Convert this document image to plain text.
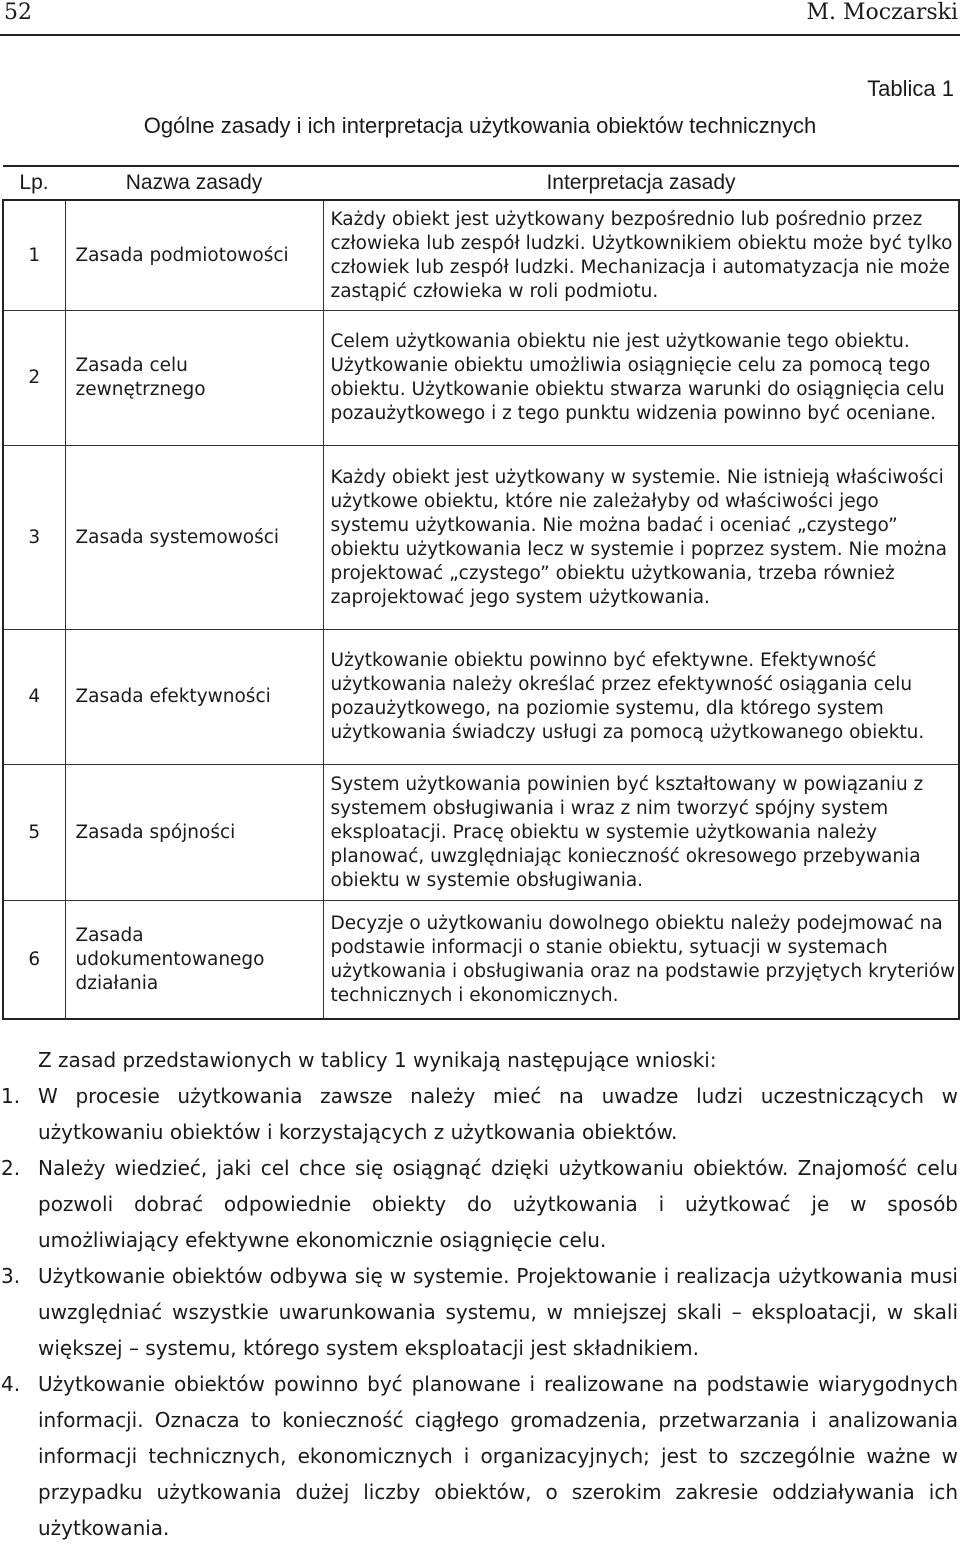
52	M. Moczarski
Tablica 1
Ogólne zasady i ich interpretacja użytkowania obiektów technicznych
Lp.	Nazwa zasady	Interpretacja zasady
1	Zasada podmiotowości	Każdy obiekt jest użytkowany bezpośrednio lub pośrednio przez człowieka lub zespół ludzki. Użytkownikiem obiektu może być tylko człowiek lub zespół ludzki. Mechanizacja i automatyzacja nie może zastąpić człowieka w roli podmiotu.
2	Zasada celu zewnętrznego	Celem użytkowania obiektu nie jest użytkowanie tego obiektu. Użytkowanie obiektu umożliwia osiągnięcie celu za pomocą tego obiektu. Użytkowanie obiektu stwarza warunki do osiągnięcia celu pozaużytkowego i z tego punktu widzenia powinno być oceniane.
3	Zasada systemowości	Każdy obiekt jest użytkowany w systemie. Nie istnieją właściwości użytkowe obiektu, które nie zależałyby od właściwości jego systemu użytkowania. Nie można badać i oceniać „czystego” obiektu użytkowania lecz w systemie i poprzez system. Nie można projektować „czystego” obiektu użytkowania, trzeba również zaprojektować jego system użytkowania.
4	Zasada efektywności	Użytkowanie obiektu powinno być efektywne. Efektywność użytkowania należy określać przez efektywność osiągania celu pozaużytkowego, na poziomie systemu, dla którego system użytkowania świadczy usługi za pomocą użytkowanego obiektu.
5	Zasada spójności	System użytkowania powinien być kształtowany w powiązaniu z systemem obsługiwania i wraz z nim tworzyć spójny system eksploatacji. Pracę obiektu w systemie użytkowania należy planować, uwzględniając konieczność okresowego przebywania obiektu w systemie obsługiwania.
6	Zasada udokumentowanego działania	Decyzje o użytkowaniu dowolnego obiektu należy podejmować na podstawie informacji o stanie obiektu, sytuacji w systemach użytkowania i obsługiwania oraz na podstawie przyjętych kryteriów technicznych i ekonomicznych.
Z zasad przedstawionych w tablicy 1 wynikają następujące wnioski:
1. W procesie użytkowania zawsze należy mieć na uwadze ludzi uczestniczących w użytkowaniu obiektów i korzystających z użytkowania obiektów.
2. Należy wiedzieć, jaki cel chce się osiągnąć dzięki użytkowaniu obiektów. Znajomość celu pozwoli dobrać odpowiednie obiekty do użytkowania i użytkować je w sposób umożliwiający efektywne ekonomicznie osiągnięcie celu.
3. Użytkowanie obiektów odbywa się w systemie. Projektowanie i realizacja użytkowania musi uwzględniać wszystkie uwarunkowania systemu, w mniejszej skali – eksploatacji, w skali większej – systemu, którego system eksploatacji jest składnikiem.
4. Użytkowanie obiektów powinno być planowane i realizowane na podstawie wiarygodnych informacji. Oznacza to konieczność ciągłego gromadzenia, przetwarzania i analizowania informacji technicznych, ekonomicznych i organizacyjnych; jest to szczególnie ważne w przypadku użytkowania dużej liczby obiektów, o szerokim zakresie oddziaływania ich użytkowania.
